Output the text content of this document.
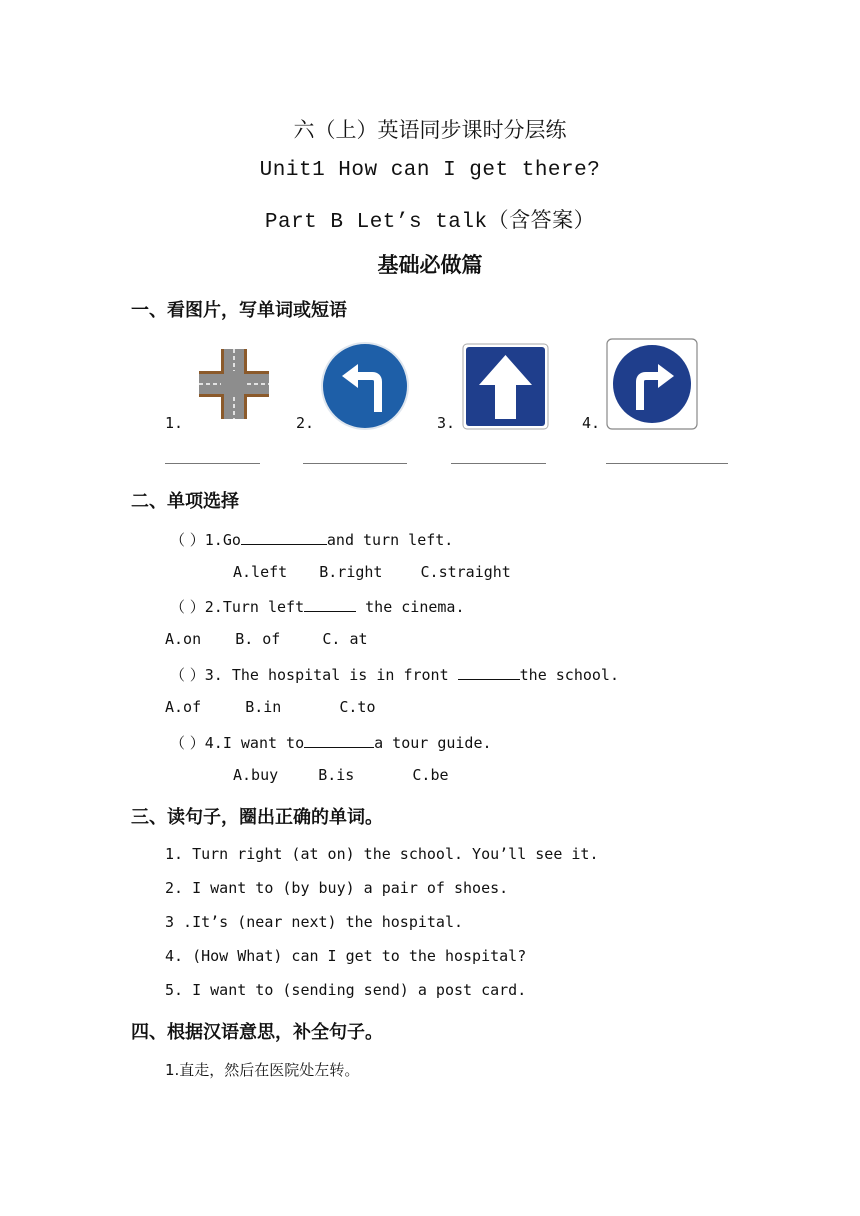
六（上）英语同步课时分层练
Unit1 How can I get there?
Part B Let’s talk（含答案）
基础必做篇
一、看图片，写单词或短语
1.	2.	3.	4.
二、单项选择
（ ）1.Go	and turn left.
A.left B.right	C.straight
（ ）2.Turn left	the cinema.
A.on B. of	C. at
（ ）3. The hospital is in front	the school.
A.of	B.in	C.to
（ ）4.I want to	a tour guide.
A.buy	B.is	C.be
三、读句子，圈出正确的单词。
1. Turn right (at on) the school. You’ll see it.
2. I want to (by buy) a pair of shoes.
3 .It’s (near next) the hospital.
4. (How What) can I get to the hospital?
5. I want to (sending send) a post card.
四、根据汉语意思，补全句子。
1.直走，然后在医院处左转。
